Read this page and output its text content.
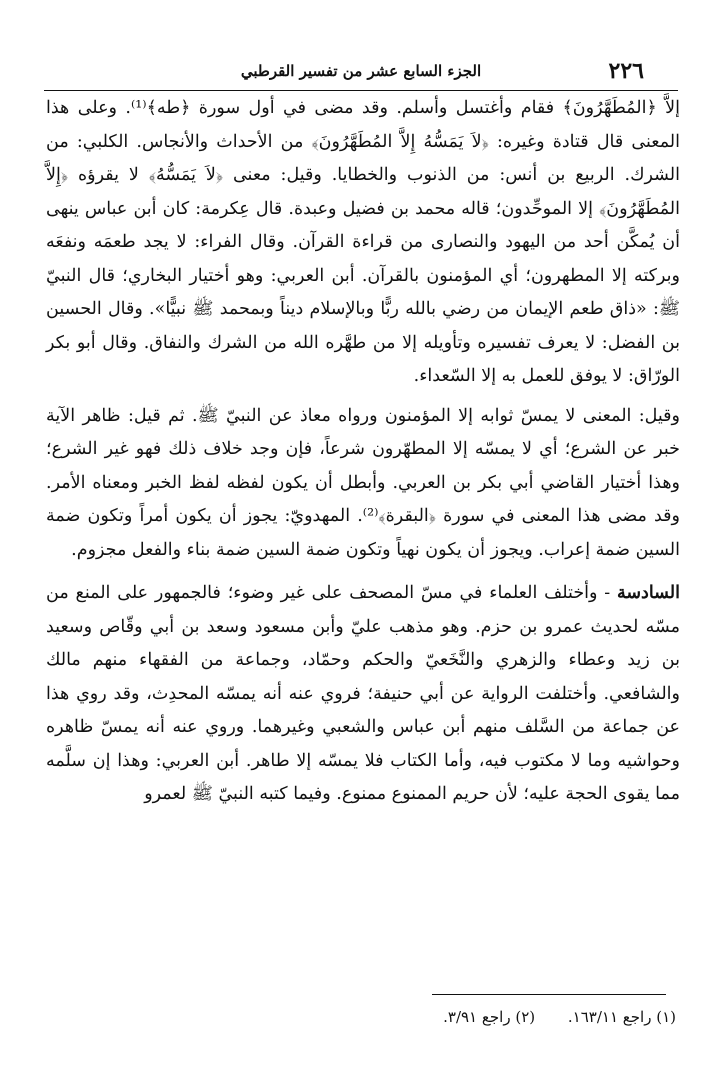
٢٢٦
الجزء السابع عشر من تفسير القرطبي

إلاَّ ﴿المُطَهَّرُونَ﴾ فقام وأغتسل وأسلم. وقد مضى في أول سورة ﴿طه﴾⁽¹⁾. وعلى هذا المعنى قال قتادة وغيره: ﴿لاَ يَمَسُّهُ إِلاَّ المُطَهَّرُونَ﴾ من الأحداث والأنجاس. الكلبي: من الشرك. الربيع بن أنس: من الذنوب والخطايا. وقيل: معنى ﴿لاَ يَمَسُّهُ﴾ لا يقرؤه ﴿إِلاَّ المُطَهَّرُونَ﴾ إلا الموحِّدون؛ قاله محمد بن فضيل وعبدة. قال عِكرمة: كان أبن عباس ينهى أن يُمكَّن أحد من اليهود والنصارى من قراءة القرآن. وقال الفراء: لا يجد طعمَه ونفعَه وبركته إلا المطهرون؛ أي المؤمنون بالقرآن. أبن العربي: وهو أختيار البخاري؛ قال النبيّ ﷺ: «ذاق طعم الإيمان من رضي بالله ربًّا وبالإسلام ديناً وبمحمد ﷺ نبيًّا». وقال الحسين بن الفضل: لا يعرف تفسيره وتأويله إلا من طهَّره الله من الشرك والنفاق. وقال أبو بكر الورّاق: لا يوفق للعمل به إلا السّعداء.

وقيل: المعنى لا يمسّ ثوابه إلا المؤمنون ورواه معاذ عن النبيّ ﷺ. ثم قيل: ظاهر الآية خبر عن الشرع؛ أي لا يمسّه إلا المطهّرون شرعاً، فإن وجد خلاف ذلك فهو غير الشرع؛ وهذا أختيار القاضي أبي بكر بن العربي. وأبطل أن يكون لفظه لفظ الخبر ومعناه الأمر. وقد مضى هذا المعنى في سورة ﴿البقرة﴾⁽²⁾. المهدويّ: يجوز أن يكون أمراً وتكون ضمة السين ضمة إعراب. ويجوز أن يكون نهياً وتكون ضمة السين ضمة بناء والفعل مجزوم.

السادسة - وأختلف العلماء في مسّ المصحف على غير وضوء؛ فالجمهور على المنع من مسّه لحديث عمرو بن حزم. وهو مذهب عليّ وأبن مسعود وسعد بن أبي وقّاص وسعيد بن زيد وعطاء والزهري والنَّخَعيّ والحكم وحمّاد، وجماعة من الفقهاء منهم مالك والشافعي. وأختلفت الرواية عن أبي حنيفة؛ فروي عنه أنه يمسّه المحدِث، وقد روي هذا عن جماعة من السَّلف منهم أبن عباس والشعبي وغيرهما. وروي عنه أنه يمسّ ظاهره وحواشيه وما لا مكتوب فيه، وأما الكتاب فلا يمسّه إلا طاهر. أبن العربي: وهذا إن سلَّمه مما يقوى الحجة عليه؛ لأن حريم الممنوع ممنوع. وفيما كتبه النبيّ ﷺ لعمرو

(١) راجع ١٦٣/١١. (٢) راجع ٣/٩١.
